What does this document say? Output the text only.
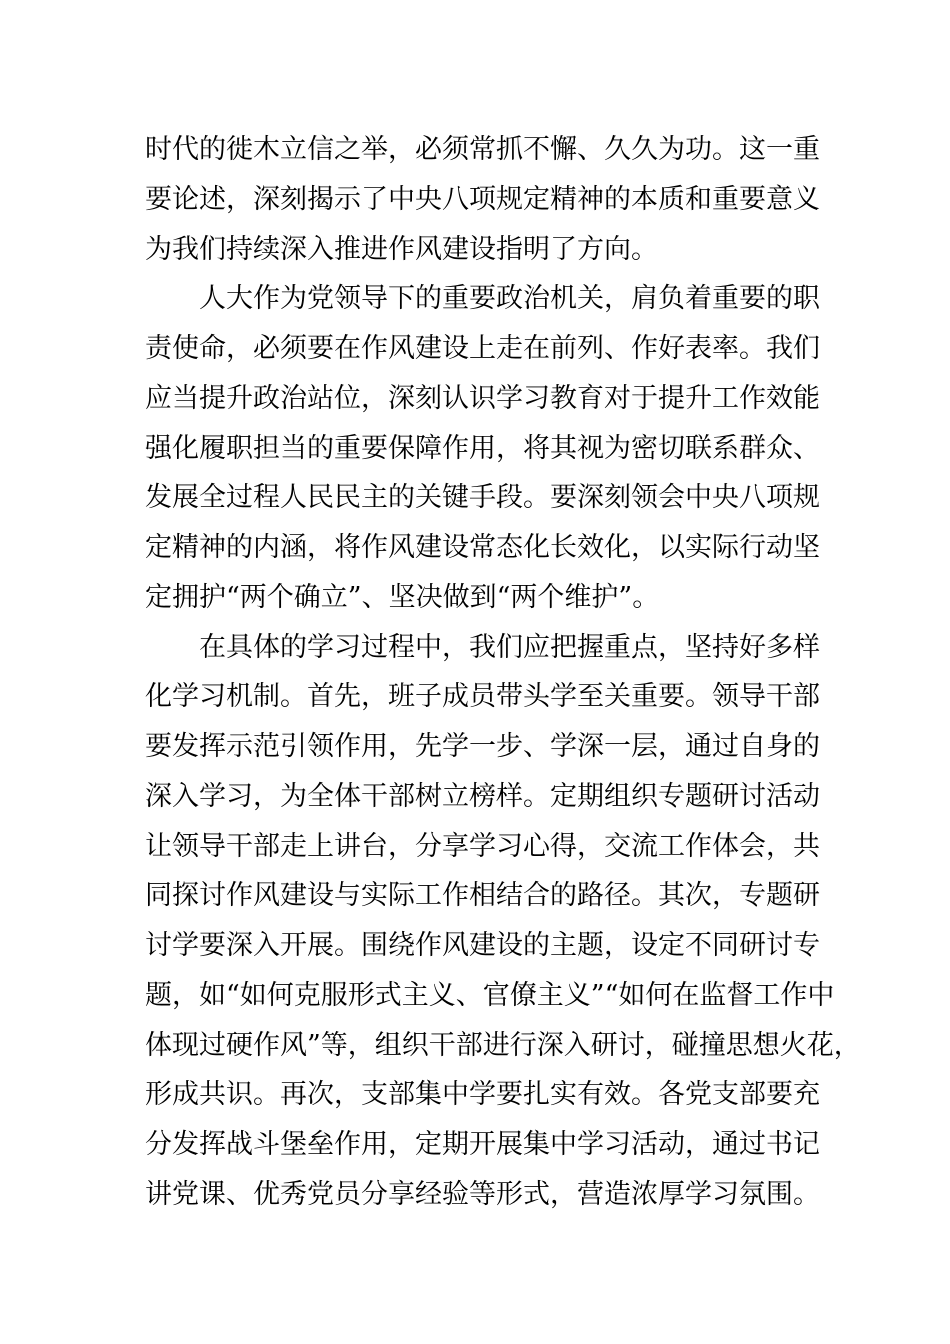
时代的徙木立信之举，必须常抓不懈、久久为功。这一重
要论述，深刻揭示了中央八项规定精神的本质和重要意义
为我们持续深入推进作风建设指明了方向。
人大作为党领导下的重要政治机关，肩负着重要的职
责使命，必须要在作风建设上走在前列、作好表率。我们
应当提升政治站位，深刻认识学习教育对于提升工作效能
强化履职担当的重要保障作用，将其视为密切联系群众、
发展全过程人民民主的关键手段。要深刻领会中央八项规
定精神的内涵，将作风建设常态化长效化，以实际行动坚
定拥护“两个确立”、坚决做到“两个维护”。
在具体的学习过程中，我们应把握重点，坚持好多样
化学习机制。首先，班子成员带头学至关重要。领导干部
要发挥示范引领作用，先学一步、学深一层，通过自身的
深入学习，为全体干部树立榜样。定期组织专题研讨活动
让领导干部走上讲台，分享学习心得，交流工作体会，共
同探讨作风建设与实际工作相结合的路径。其次，专题研
讨学要深入开展。围绕作风建设的主题，设定不同研讨专
题，如“如何克服形式主义、官僚主义”“如何在监督工作中
体现过硬作风”等，组织干部进行深入研讨，碰撞思想火花，
形成共识。再次，支部集中学要扎实有效。各党支部要充
分发挥战斗堡垒作用，定期开展集中学习活动，通过书记
讲党课、优秀党员分享经验等形式，营造浓厚学习氛围。
